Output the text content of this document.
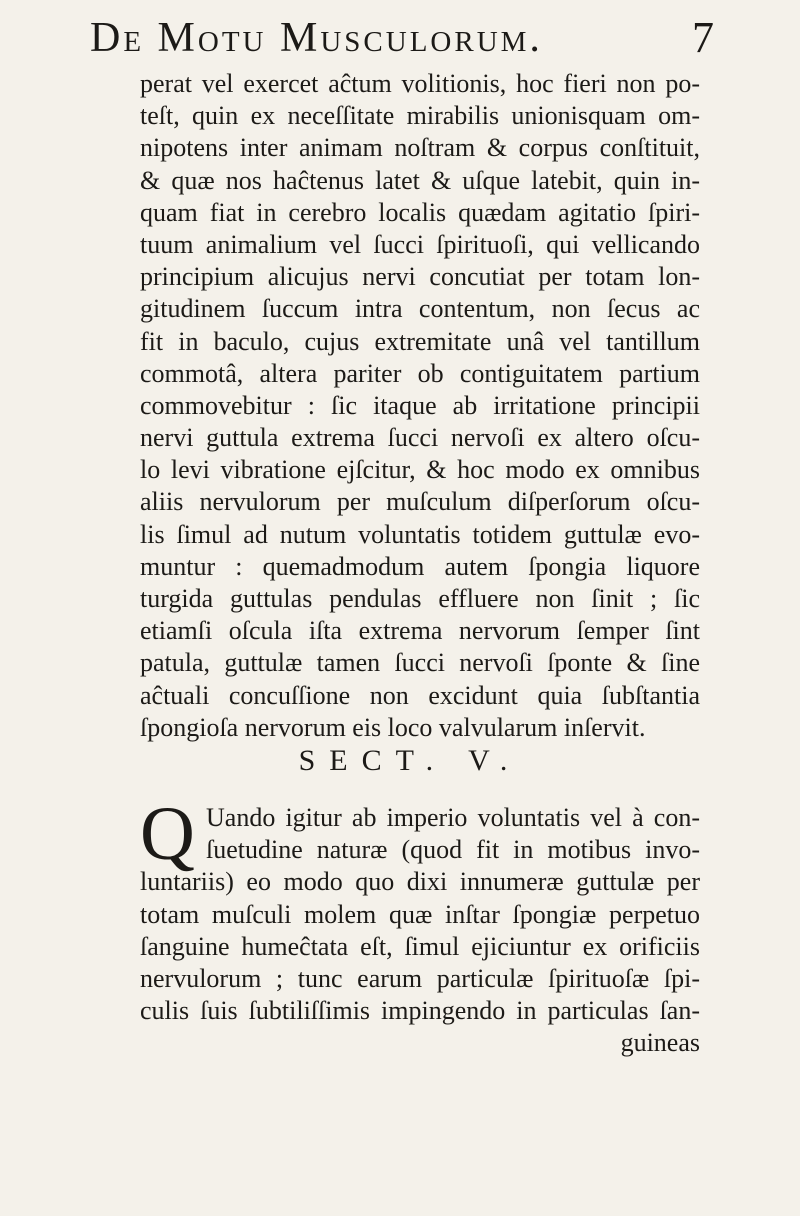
De Motu Musculorum.	7
perat vel exercet aĉtum volitionis, hoc fieri non po-
teſt, quin ex neceſſitate mirabilis unionisquam om-
nipotens inter animam noſtram & corpus conſtituit,
& quæ nos haĉtenus latet & uſque latebit, quin in-
quam fiat in cerebro localis quædam agitatio ſpiri-
tuum animalium vel ſucci ſpirituoſi, qui vellicando
principium alicujus nervi concutiat per totam lon-
gitudinem ſuccum intra contentum, non ſecus ac
fit in baculo, cujus extremitate unâ vel tantillum
commotâ, altera pariter ob contiguitatem partium
commovebitur : ſic itaque ab irritatione principii
nervi guttula extrema ſucci nervoſi ex altero oſcu-
lo levi vibratione ejſcitur, & hoc modo ex omnibus
aliis nervulorum per muſculum diſperſorum oſcu-
lis ſimul ad nutum voluntatis totidem guttulæ evo-
muntur : quemadmodum autem ſpongia liquore
turgida guttulas pendulas effluere non ſinit ; ſic
etiamſi oſcula iſta extrema nervorum ſemper ſint
patula, guttulæ tamen ſucci nervoſi ſponte & ſine
aĉtuali concuſſione non excidunt quia ſubſtantia
ſpongioſa nervorum eis loco valvularum inſervit.
SECT. V.
Q Uando igitur ab imperio voluntatis vel à con-
ſuetudine naturæ (quod fit in motibus invo-
luntariis) eo modo quo dixi innumeræ guttulæ per
totam muſculi molem quæ inſtar ſpongiæ perpetuo
ſanguine humeĉtata eſt, ſimul ejiciuntur ex orificiis
nervulorum ; tunc earum particulæ ſpirituoſæ ſpi-
culis ſuis ſubtiliſſimis impingendo in particulas ſan-
guineas
